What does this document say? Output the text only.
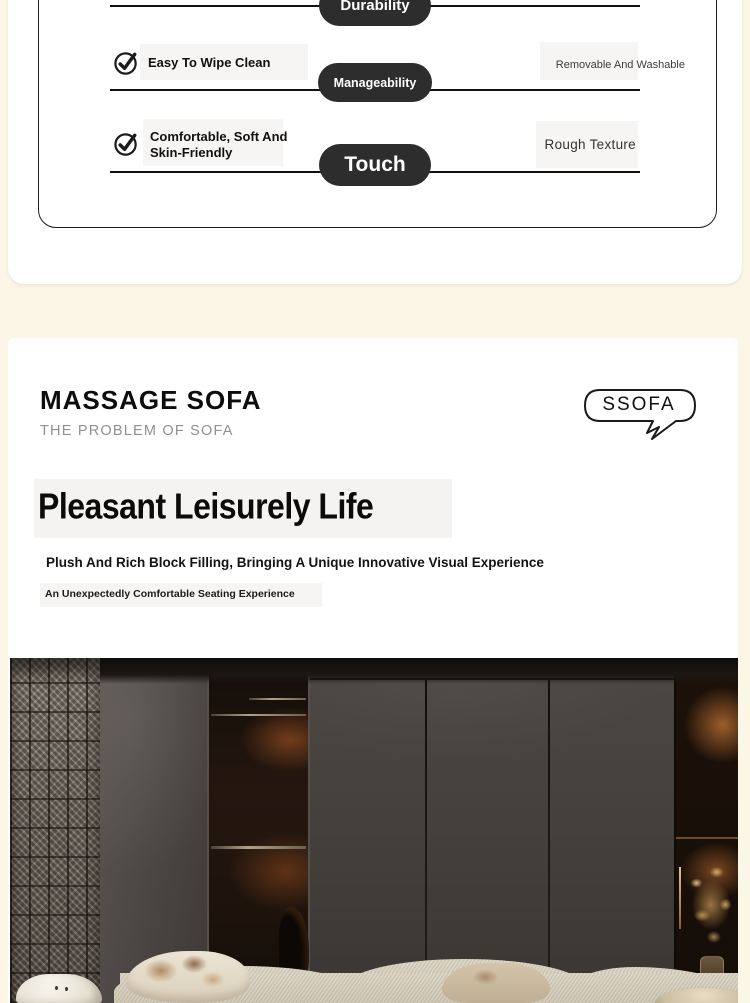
Durability
Manageability
Touch
Easy To Wipe Clean	Removable And Washable
Comfortable, Soft And
Skin-Friendly	Rough Texture
MASSAGE SOFA
THE PROBLEM OF SOFA
SSOFA
Pleasant Leisurely Life
Plush And Rich Block Filling, Bringing A Unique Innovative Visual Experience
An Unexpectedly Comfortable Seating Experience
